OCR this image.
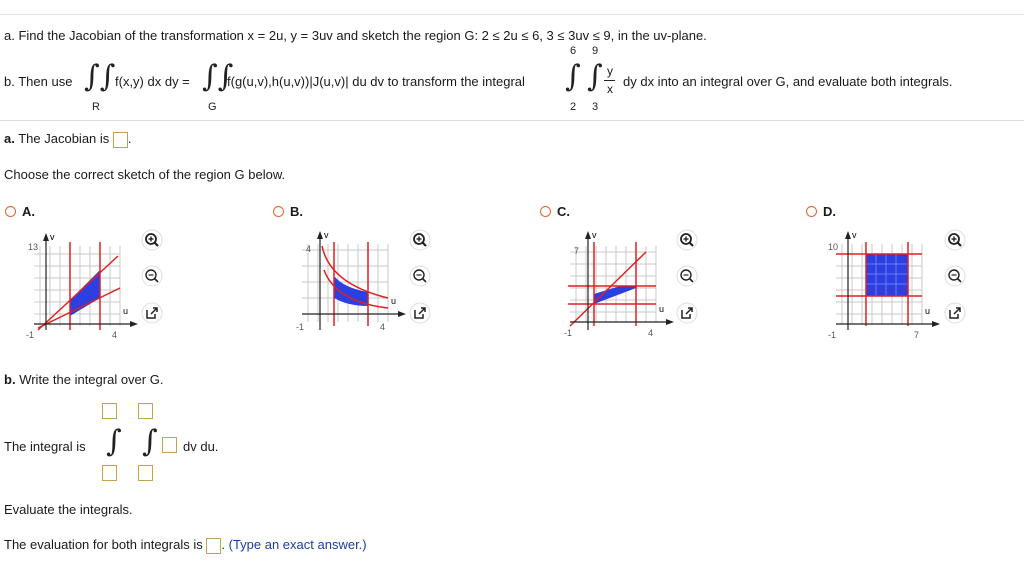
a. Find the Jacobian of the transformation x = 2u, y = 3uv and sketch the region G: 2 ≤ 2u ≤ 6, 3 ≤ 3uv ≤ 9, in the uv-plane.
b. Then use ∫∫ f(x,y) dx dy =
R
∫∫
f(g(u,v),h(u,v))|J(u,v)| du dv to transform the integral
G
6 9
∫ ∫
2 3
y
x dy dx into an integral over G, and evaluate both integrals.
a. The Jacobian is .
Choose the correct sketch of the region G below.
A.	B.	C.	D.
v
u
13
4
-1
v
u
4
4
-1
v
u
7
4
-1
v
u
10
7
-1
b. Write the integral over G.
The integral is ∫ ∫ dv du.
Evaluate the integrals.
The evaluation for both integrals is . (Type an exact answer.)
